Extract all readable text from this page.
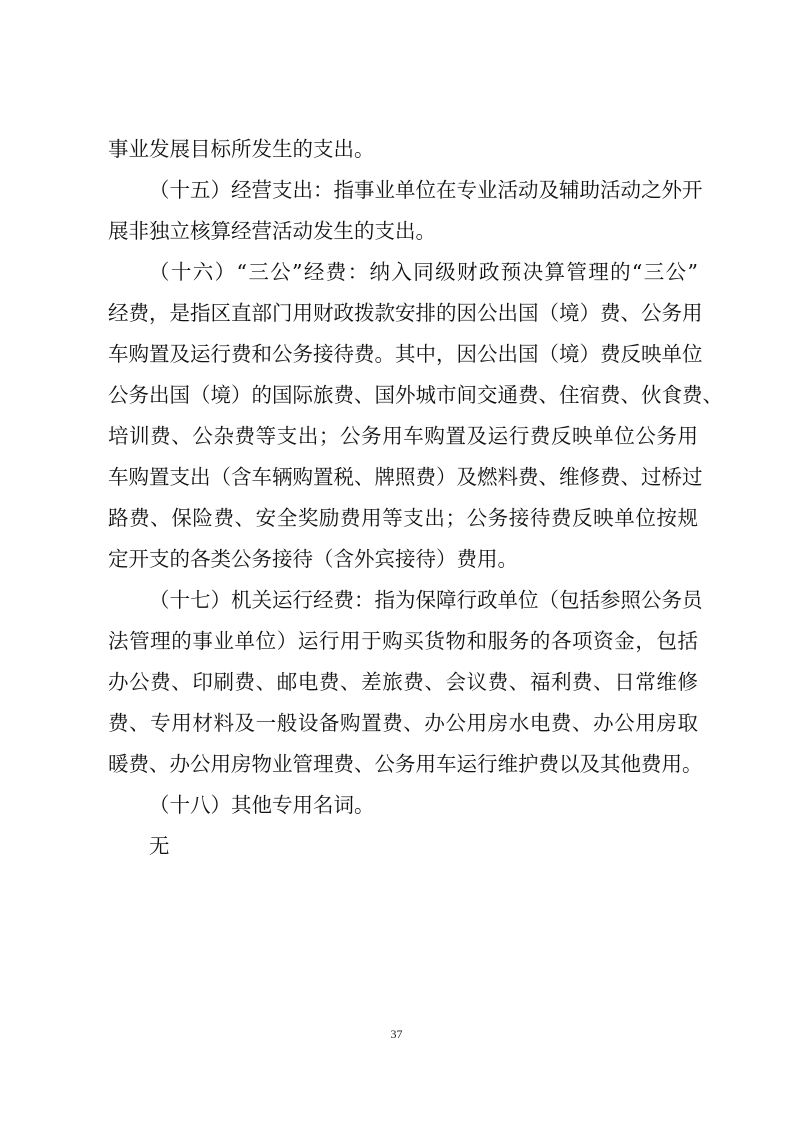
事业发展目标所发生的支出。
（十五）经营支出：指事业单位在专业活动及辅助活动之外开
展非独立核算经营活动发生的支出。
（十六）“三公”经费：纳入同级财政预决算管理的“三公”
经费，是指区直部门用财政拨款安排的因公出国（境）费、公务用
车购置及运行费和公务接待费。其中，因公出国（境）费反映单位
公务出国（境）的国际旅费、国外城市间交通费、住宿费、伙食费、
培训费、公杂费等支出；公务用车购置及运行费反映单位公务用
车购置支出（含车辆购置税、牌照费）及燃料费、维修费、过桥过
路费、保险费、安全奖励费用等支出；公务接待费反映单位按规
定开支的各类公务接待（含外宾接待）费用。
（十七）机关运行经费：指为保障行政单位（包括参照公务员
法管理的事业单位）运行用于购买货物和服务的各项资金，包括
办公费、印刷费、邮电费、差旅费、会议费、福利费、日常维修
费、专用材料及一般设备购置费、办公用房水电费、办公用房取
暖费、办公用房物业管理费、公务用车运行维护费以及其他费用。
（十八）其他专用名词。
无
37
